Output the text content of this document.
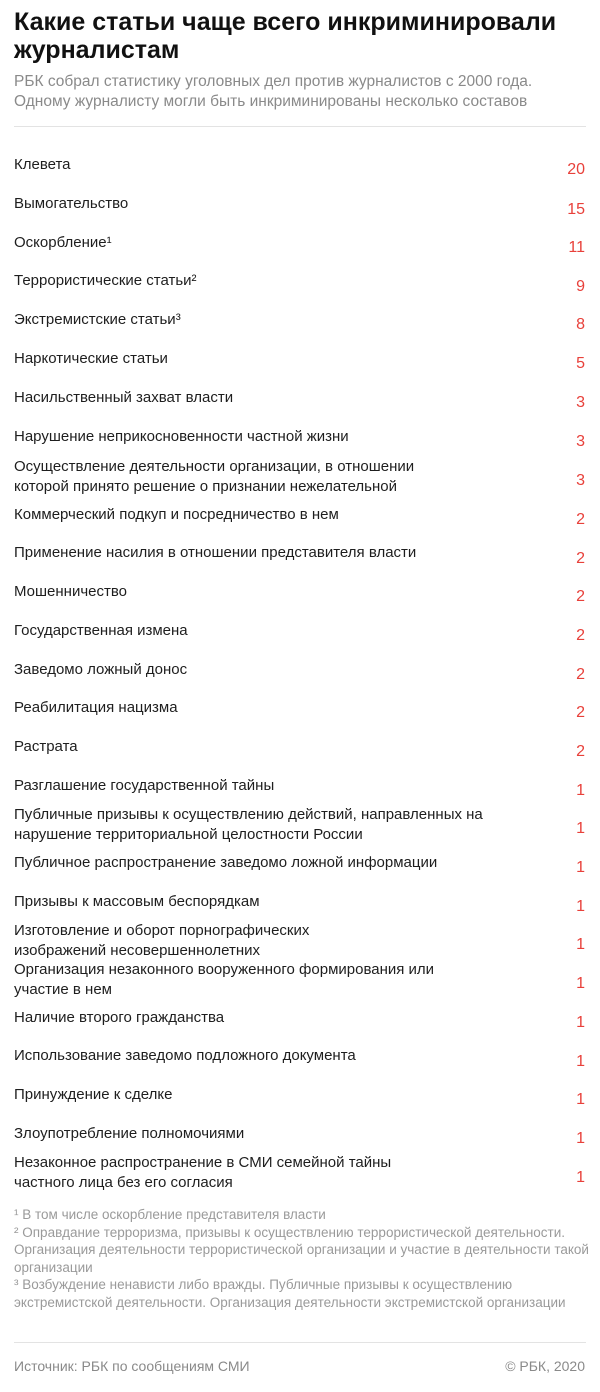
Какие статьи чаще всего инкриминировали журналистам
РБК собрал статистику уголовных дел против журналистов с 2000 года. Одному журналисту могли быть инкриминированы несколько составов
Клевета	20
Вымогательство	15
Оскорбление¹	11
Террористические статьи²	9
Экстремистские статьи³	8
Наркотические статьи	5
Насильственный захват власти	3
Нарушение неприкосновенности частной жизни	3
Осуществление деятельности организации, в отношении которой принято решение о признании нежелательной	3
Коммерческий подкуп и посредничество в нем	2
Применение насилия в отношении представителя власти	2
Мошенничество	2
Государственная измена	2
Заведомо ложный донос	2
Реабилитация нацизма	2
Растрата	2
Разглашение государственной тайны	1
Публичные призывы к осуществлению действий, направленных на нарушение территориальной целостности России	1
Публичное распространение заведомо ложной информации	1
Призывы к массовым беспорядкам	1
Изготовление и оборот порнографических изображений несовершеннолетних	1
Организация незаконного вооруженного формирования или участие в нем	1
Наличие второго гражданства	1
Использование заведомо подложного документа	1
Принуждение к сделке	1
Злоупотребление полномочиями	1
Незаконное распространение в СМИ семейной тайны частного лица без его согласия	1

¹ В том числе оскорбление представителя власти

² Оправдание терроризма, призывы к осуществлению террористической деятельности. Организация деятельности террористической организации и участие в деятельности такой организации

³ Возбуждение ненависти либо вражды. Публичные призывы к осуществлению экстремистской деятельности. Организация деятельности экстремистской организации

Источник: РБК по сообщениям СМИ	© РБК, 2020
